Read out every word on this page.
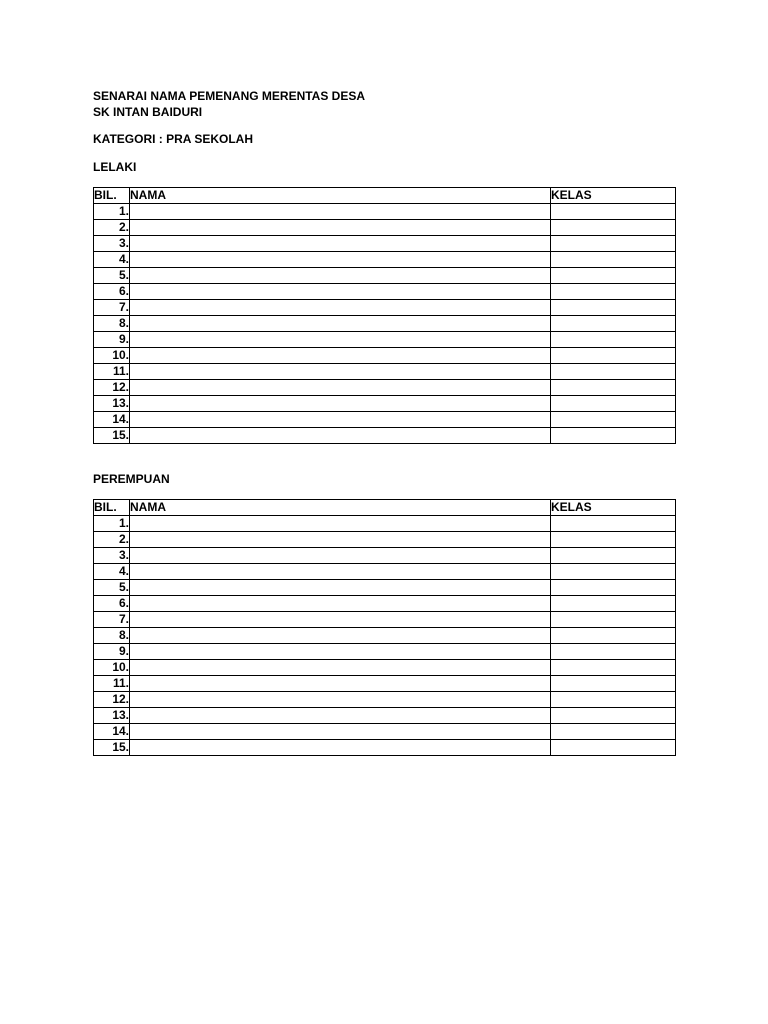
SENARAI NAMA PEMENANG MERENTAS DESA
SK INTAN BAIDURI
KATEGORI : PRA SEKOLAH
LELAKI
BIL.	NAMA	KELAS
1.		
2.		
3.		
4.		
5.		
6.		
7.		
8.		
9.		
10.		
11.		
12.		
13.		
14.		
15.		
PEREMPUAN
BIL.	NAMA	KELAS
1.		
2.		
3.		
4.		
5.		
6.		
7.		
8.		
9.		
10.		
11.		
12.		
13.		
14.		
15.		
